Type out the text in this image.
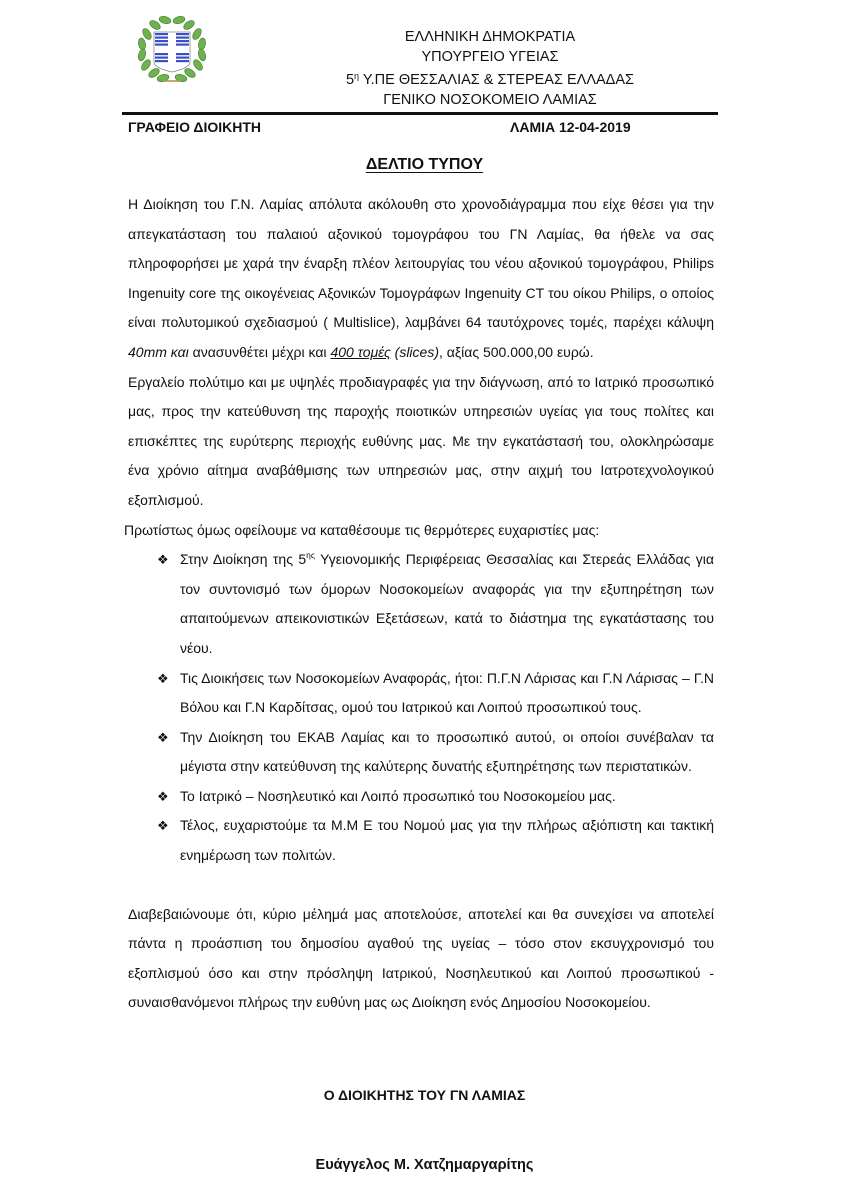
ΕΛΛΗΝΙΚΗ ΔΗΜΟΚΡΑΤΙΑ
ΥΠΟΥΡΓΕΙΟ ΥΓΕΙΑΣ
$5^\eta$ Υ.ΠΕ ΘΕΣΣΑΛΙΑΣ & ΣΤΕΡΕΑΣ ΕΛΛΑΔΑΣ
ΓΕΝΙΚΟ ΝΟΣΟΚΟΜΕΙΟ ΛΑΜΙΑΣ
ΓΡΑΦΕΙΟ ΔΙΟΙΚΗΤΗ	ΛΑΜΙΑ 12-04-2019
ΔΕΛΤΙΟ ΤΥΠΟΥ

Η Διοίκηση του Γ.Ν. Λαμίας απόλυτα ακόλουθη στο χρονοδιάγραμμα που είχε θέσει για την απεγκατάσταση του παλαιού αξονικού τομογράφου του ΓΝ Λαμίας, θα ήθελε να σας πληροφορήσει με χαρά την έναρξη πλέον λειτουργίας του νέου αξονικού τομογράφου, Philips Ingenuity core της οικογένειας Αξονικών Τομογράφων Ingenuity CT του οίκου Philips, ο οποίος είναι πολυτομικού σχεδιασμού ( Multislice), λαμβάνει 64 ταυτόχρονες τομές, παρέχει κάλυψη 40mm και ανασυνθέτει μέχρι και 400 τομές (slices), αξίας 500.000,00 ευρώ.

Εργαλείο πολύτιμο και με υψηλές προδιαγραφές για την διάγνωση, από το Ιατρικό προσωπικό μας, προς την κατεύθυνση της παροχής ποιοτικών υπηρεσιών υγείας για τους πολίτες και επισκέπτες της ευρύτερης περιοχής ευθύνης μας. Με την εγκατάστασή του, ολοκληρώσαμε ένα χρόνιο αίτημα αναβάθμισης των υπηρεσιών μας, στην αιχμή του Ιατροτεχνολογικού εξοπλισμού.

Πρωτίστως όμως οφείλουμε να καταθέσουμε τις θερμότερες ευχαριστίες μας:

❖ Στην Διοίκηση της $5^{\eta\varsigma}$ Υγειονομικής Περιφέρειας Θεσσαλίας και Στερεάς Ελλάδας για τον συντονισμό των όμορων Νοσοκομείων αναφοράς για την εξυπηρέτηση των απαιτούμενων απεικονιστικών Εξετάσεων, κατά το διάστημα της εγκατάστασης του νέου.
❖ Τις Διοικήσεις των Νοσοκομείων Αναφοράς, ήτοι: Π.Γ.Ν Λάρισας και Γ.Ν Λάρισας – Γ.Ν Βόλου και Γ.Ν Καρδίτσας, ομού του Ιατρικού και Λοιπού προσωπικού τους.
❖ Την Διοίκηση του ΕΚΑΒ Λαμίας και το προσωπικό αυτού, οι οποίοι συνέβαλαν τα μέγιστα στην κατεύθυνση της καλύτερης δυνατής εξυπηρέτησης των περιστατικών.
❖ Το Ιατρικό – Νοσηλευτικό και Λοιπό προσωπικό του Νοσοκομείου μας.
❖ Τέλος, ευχαριστούμε τα Μ.Μ Ε του Νομού μας για την πλήρως αξιόπιστη και τακτική ενημέρωση των πολιτών.

Διαβεβαιώνουμε ότι, κύριο μέλημά μας αποτελούσε, αποτελεί και θα συνεχίσει να αποτελεί πάντα η προάσπιση του δημοσίου αγαθού της υγείας – τόσο στον εκσυγχρονισμό του εξοπλισμού όσο και στην πρόσληψη Ιατρικού, Νοσηλευτικού και Λοιπού προσωπικού - συναισθανόμενοι πλήρως την ευθύνη μας ως Διοίκηση ενός Δημοσίου Νοσοκομείου.

Ο ΔΙΟΙΚΗΤΗΣ ΤΟΥ ΓΝ ΛΑΜΙΑΣ
Ευάγγελος Μ. Χατζημαργαρίτης
